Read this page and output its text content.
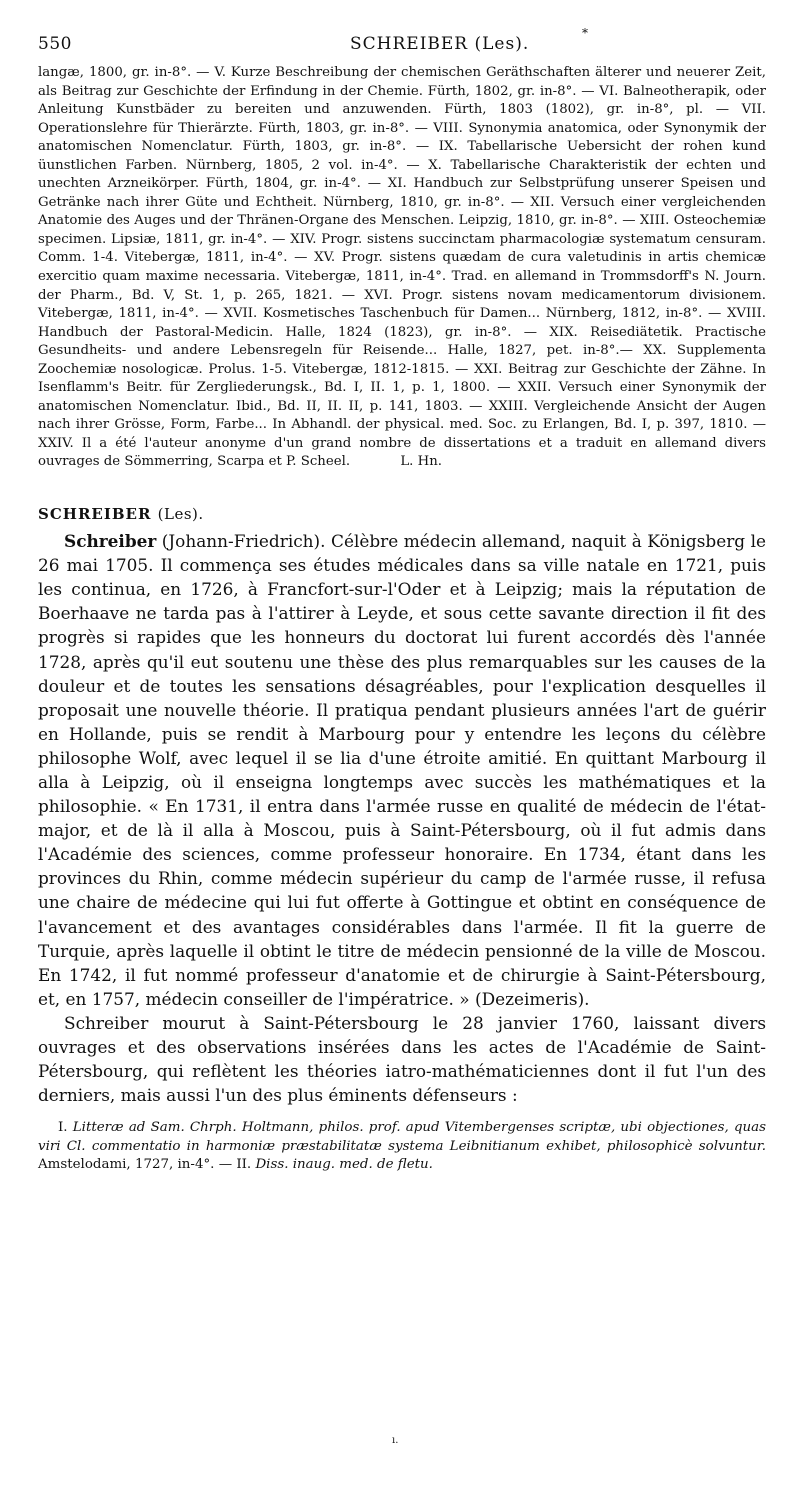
550	SCHREIBER (Les).
*

langæ, 1800, gr. in-8°. — V. Kurze Beschreibung der chemischen Geräthschaften älterer und neuerer Zeit, als Beitrag zur Geschichte der Erfindung in der Chemie. Fürth, 1802, gr. in-8°. — VI. Balneotherapik, oder Anleitung Kunstbäder zu bereiten und anzuwenden. Fürth, 1803 (1802), gr. in-8°, pl. — VII. Operationslehre für Thierärzte. Fürth, 1803, gr. in-8°. — VIII. Synonymia anatomica, oder Synonymik der anatomischen Nomenclatur. Fürth, 1803, gr. in-8°. — IX. Tabellarische Uebersicht der rohen kund üunstlichen Farben. Nürnberg, 1805, 2 vol. in-4°. — X. Tabellarische Charakteristik der echten und unechten Arzneikörper. Fürth, 1804, gr. in-4°. — XI. Handbuch zur Selbstprüfung unserer Speisen und Getränke nach ihrer Güte und Echtheit. Nürnberg, 1810, gr. in-8°. — XII. Versuch einer vergleichenden Anatomie des Auges und der Thränen-Organe des Menschen. Leipzig, 1810, gr. in-8°. — XIII. Osteochemiæ specimen. Lipsiæ, 1811, gr. in-4°. — XIV. Progr. sistens succinctam pharmacologiæ systematum censuram. Comm. 1-4. Vitebergæ, 1811, in-4°. — XV. Progr. sistens quædam de cura valetudinis in artis chemicæ exercitio quam maxime necessaria. Vitebergæ, 1811, in-4°. Trad. en allemand in Trommsdorff's N. Journ. der Pharm., Bd. V, St. 1, p. 265, 1821. — XVI. Progr. sistens novam medicamentorum divisionem. Vitebergæ, 1811, in-4°. — XVII. Kosmetisches Taschenbuch für Damen... Nürnberg, 1812, in-8°. — XVIII. Handbuch der Pastoral-Medicin. Halle, 1824 (1823), gr. in-8°. — XIX. Reisediätetik. Practische Gesundheits- und andere Lebensregeln für Reisende... Halle, 1827, pet. in-8°.— XX. Supplementa Zoochemiæ nosologicæ. Prolus. 1-5. Vitebergæ, 1812-1815. — XXI. Beitrag zur Geschichte der Zähne. In Isenflamm's Beitr. für Zergliederungsk., Bd. I, II. 1, p. 1, 1800. — XXII. Versuch einer Synonymik der anatomischen Nomenclatur. Ibid., Bd. II, II. II, p. 141, 1803. — XXIII. Vergleichende Ansicht der Augen nach ihrer Grösse, Form, Farbe... In Abhandl. der physical. med. Soc. zu Erlangen, Bd. I, p. 397, 1810. — XXIV. Il a été l'auteur anonyme d'un grand nombre de dissertations et a traduit en allemand divers ouvrages de Sömmerring, Scarpa et P. Scheel.	L. Hn.

SCHREIBER (Les).

Schreiber (Johann-Friedrich). Célèbre médecin allemand, naquit à Königsberg le 26 mai 1705. Il commença ses études médicales dans sa ville natale en 1721, puis les continua, en 1726, à Francfort-sur-l'Oder et à Leipzig; mais la réputation de Boerhaave ne tarda pas à l'attirer à Leyde, et sous cette savante direction il fit des progrès si rapides que les honneurs du doctorat lui furent accordés dès l'année 1728, après qu'il eut soutenu une thèse des plus remarquables sur les causes de la douleur et de toutes les sensations désagréables, pour l'explication desquelles il proposait une nouvelle théorie. Il pratiqua pendant plusieurs années l'art de guérir en Hollande, puis se rendit à Marbourg pour y entendre les leçons du célèbre philosophe Wolf, avec lequel il se lia d'une étroite amitié. En quittant Marbourg il alla à Leipzig, où il enseigna longtemps avec succès les mathématiques et la philosophie. « En 1731, il entra dans l'armée russe en qualité de médecin de l'état-major, et de là il alla à Moscou, puis à Saint-Pétersbourg, où il fut admis dans l'Académie des sciences, comme professeur honoraire. En 1734, étant dans les provinces du Rhin, comme médecin supérieur du camp de l'armée russe, il refusa une chaire de médecine qui lui fut offerte à Gottingue et obtint en conséquence de l'avancement et des avantages considérables dans l'armée. Il fit la guerre de Turquie, après laquelle il obtint le titre de médecin pensionné de la ville de Moscou. En 1742, il fut nommé professeur d'anatomie et de chirurgie à Saint-Pétersbourg, et, en 1757, médecin conseiller de l'impératrice. » (Dezeimeris).

Schreiber mourut à Saint-Pétersbourg le 28 janvier 1760, laissant divers ouvrages et des observations insérées dans les actes de l'Académie de Saint-Pétersbourg, qui reflètent les théories iatro-mathématiciennes dont il fut l'un des derniers, mais aussi l'un des plus éminents défenseurs :

I. Litteræ ad Sam. Chrph. Holtmann, philos. prof. apud Vitembergenses scriptæ, ubi objectiones, quas viri Cl. commentatio in harmoniæ præstabilitatæ systema Leibnitianum exhibet, philosophicè solvuntur. Amstelodami, 1727, in-4°. — II. Diss. inaug. med. de fletu.

ı.
